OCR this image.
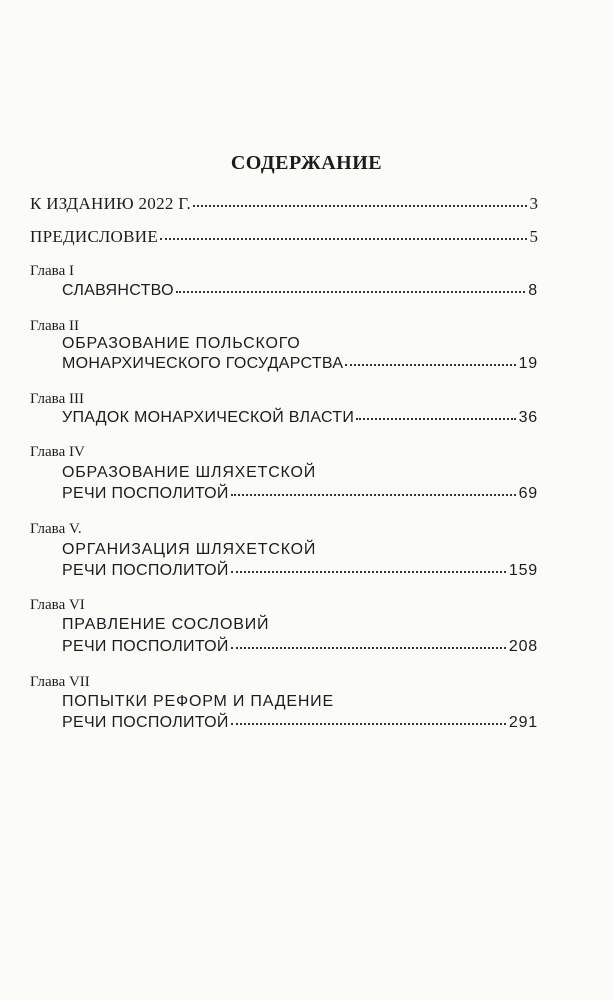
СОДЕРЖАНИЕ
К ИЗДАНИЮ 2022 Г.	3
ПРЕДИСЛОВИЕ	5
Глава I
СЛАВЯНСТВО	8
Глава II
ОБРАЗОВАНИЕ ПОЛЬСКОГО
МОНАРХИЧЕСКОГО ГОСУДАРСТВА	19
Глава III
УПАДОК МОНАРХИЧЕСКОЙ ВЛАСТИ	36
Глава IV
ОБРАЗОВАНИЕ ШЛЯХЕТСКОЙ
РЕЧИ ПОСПОЛИТОЙ	69
Глава V.
ОРГАНИЗАЦИЯ ШЛЯХЕТСКОЙ
РЕЧИ ПОСПОЛИТОЙ	159
Глава VI
ПРАВЛЕНИЕ СОСЛОВИЙ
РЕЧИ ПОСПОЛИТОЙ	208
Глава VII
ПОПЫТКИ РЕФОРМ И ПАДЕНИЕ
РЕЧИ ПОСПОЛИТОЙ	291
